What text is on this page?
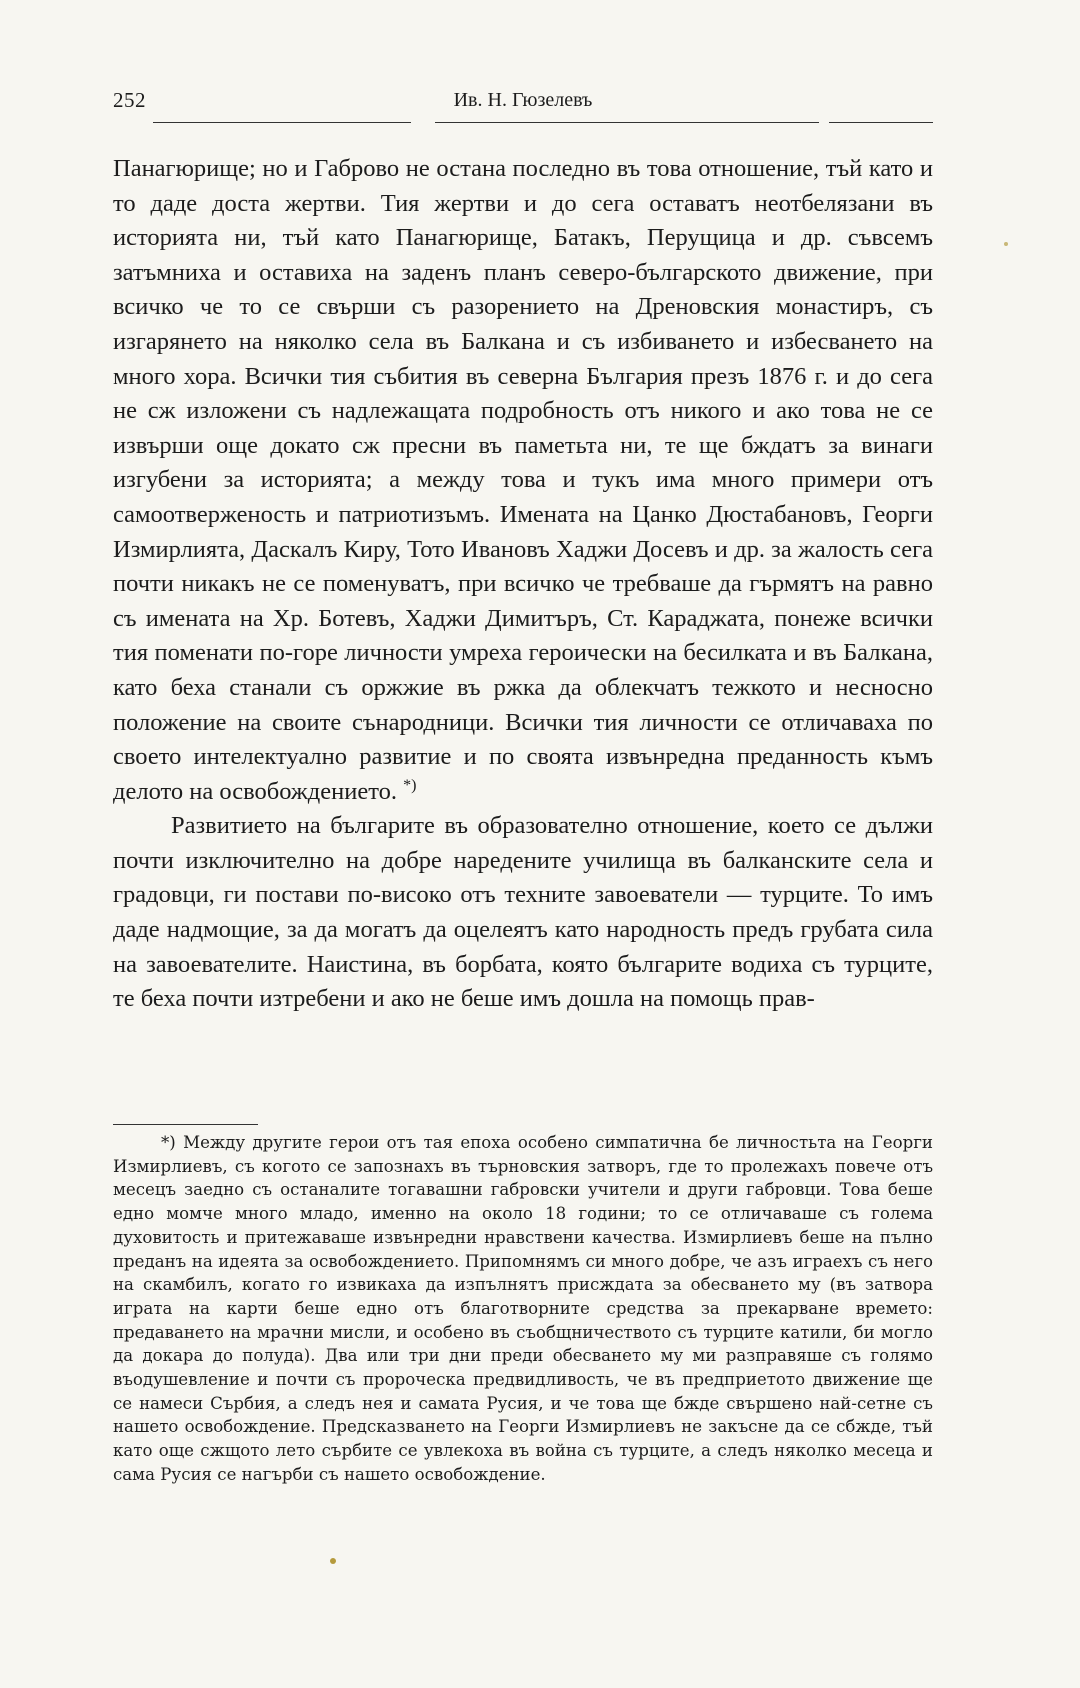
252	Ив. Н. Гюзелевъ

Панагюрище; но и Габрово не остана последно въ това отношение, тъй като и то даде доста жертви. Тия жертви и до сега оставатъ неотбелязани въ историята ни, тъй като Панагюрище, Батакъ, Перущица и др. съвсемъ затъмниха и оставиха на заденъ планъ северо-българското движение, при всичко че то се свърши съ разорението на Дреновския монастиръ, съ изгарянето на няколко села въ Балкана и съ избиването и избесването на много хора. Всички тия събития въ северна България презъ 1876 г. и до сега не сж изложени съ надлежащата подробность отъ никого и ако това не се извърши още докато сж пресни въ паметьта ни, те ще бждатъ за винаги изгубени за историята; а между това и тукъ има много примери отъ самоотверженость и патриотизъмъ. Имената на Цанко Дюстабановъ, Георги Измирлията, Даскалъ Киру, Тото Ивановъ Хаджи Досевъ и др. за жалость сега почти никакъ не се поменуватъ, при всичко че требваше да гърмятъ на равно съ имената на Хр. Ботевъ, Хаджи Димитъръ, Ст. Караджата, понеже всички тия поменати по-горе личности умреха героически на бесилката и въ Балкана, като беха станали съ оржжие въ ржка да облекчатъ тежкото и несносно положение на своите сънародници. Всички тия личности се отличаваха по своето интелектуално развитие и по своята извънредна преданность къмъ делото на освобождението. *)

Развитието на българите въ образователно отношение, което се дължи почти изключително на добре наредените училища въ балканските села и градовци, ги постави по-високо отъ техните завоеватели — турците. То имъ даде надмощие, за да могатъ да оцелеятъ като народность предъ грубата сила на завоевателите. Наистина, въ борбата, която българите водиха съ турците, те беха почти изтребени и ако не беше имъ дошла на помощь прав-

*) Между другите герои отъ тая епоха особено симпатична бе личностьта на Георги Измирлиевъ, съ когото се запознахъ въ търновския затворъ, где то пролежахъ повече отъ месецъ заедно съ останалите тогавашни габровски учители и други габровци. Това беше едно момче много младо, именно на около 18 години; то се отличаваше съ голема духовитость и притежаваше извънредни нравствени качества. Измирлиевъ беше на пълно преданъ на идеята за освобождението. Припомнямъ си много добре, че азъ играехъ съ него на скамбилъ, когато го извикаха да изпълнятъ присждата за обесването му (въ затвора играта на карти беше едно отъ благотворните средства за прекарване времето: предаването на мрачни мисли, и особено въ съобщничеството съ турците катили, би могло да докара до полуда). Два или три дни преди обесването му ми разправяше съ голямо въодушевление и почти съ пророческа предвидливость, че въ предприетото движение ще се намеси Сърбия, а следъ нея и самата Русия, и че това ще бжде свършено най-сетне съ нашето освобождение. Предсказването на Георги Измирлиевъ не закъсне да се сбжде, тъй като още сжщото лето сърбите се увлекоха въ война съ турците, а следъ няколко месеца и сама Русия се нагърби съ нашето освобождение.
